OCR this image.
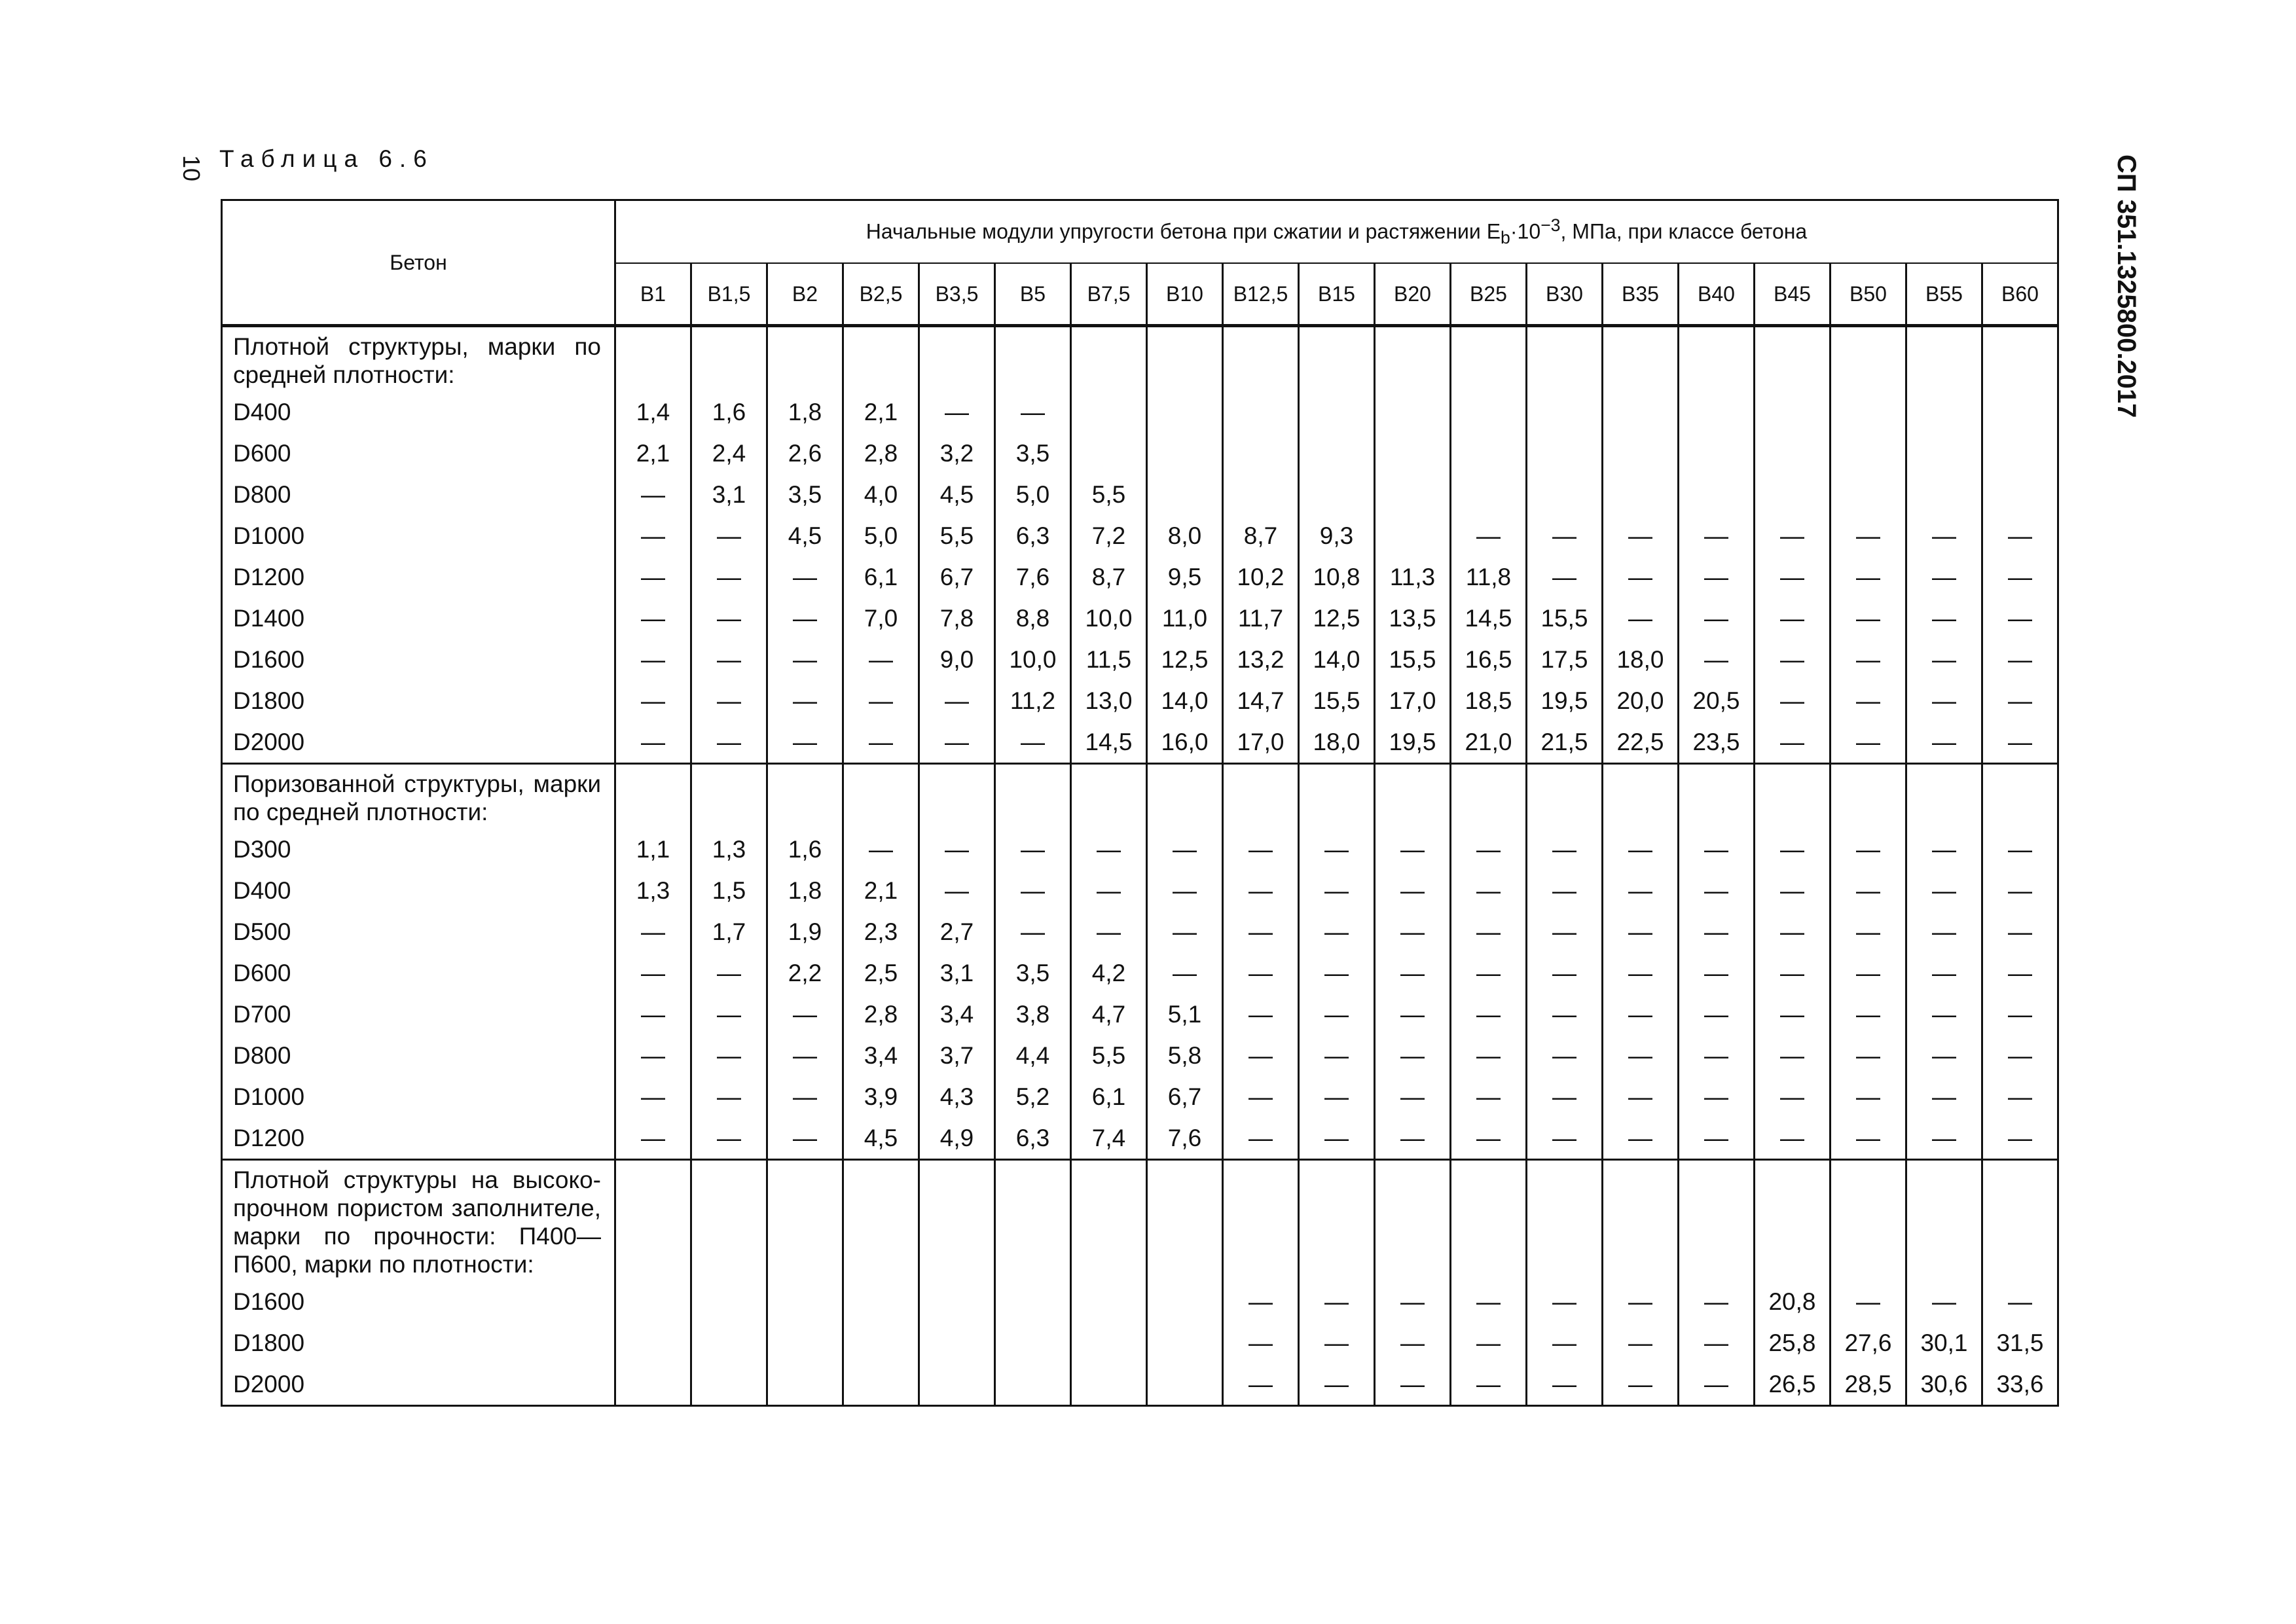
10 Таблица 6.6	СП 351.1325800.2017
Бетон	Начальные модули упругости бетона при сжатии и растяжении $E_b\cdot 10^{-3}$, МПа, при классе бетона																		
	B1	B1,5	B2	B2,5	B3,5	B5	B7,5	B10	B12,5	B15	B20	B25	B30	B35	B40	B45	B50	B55	B60

Плотной структуры, марки по средней плотности:																			
D400	1,4	1,6	1,8	2,1	—	—													
D600	2,1	2,4	2,6	2,8	3,2	3,5													
D800	—	3,1	3,5	4,0	4,5	5,0	5,5												
D1000	—	—	4,5	5,0	5,5	6,3	7,2	8,0	8,7	9,3		—	—	—	—	—	—	—	—
D1200	—	—	—	6,1	6,7	7,6	8,7	9,5	10,2	10,8	11,3	11,8	—	—	—	—	—	—	—
D1400	—	—	—	7,0	7,8	8,8	10,0	11,0	11,7	12,5	13,5	14,5	15,5	—	—	—	—	—	—
D1600	—	—	—	—	9,0	10,0	11,5	12,5	13,2	14,0	15,5	16,5	17,5	18,0	—	—	—	—	—
D1800	—	—	—	—	—	11,2	13,0	14,0	14,7	15,5	17,0	18,5	19,5	20,0	20,5	—	—	—	—
D2000	—	—	—	—	—	—	14,5	16,0	17,0	18,0	19,5	21,0	21,5	22,5	23,5	—	—	—	—
Поризованной структуры, марки по средней плотности:																			
D300	1,1	1,3	1,6	—	—	—	—	—	—	—	—	—	—	—	—	—	—	—	—
D400	1,3	1,5	1,8	2,1	—	—	—	—	—	—	—	—	—	—	—	—	—	—	—
D500	—	1,7	1,9	2,3	2,7	—	—	—	—	—	—	—	—	—	—	—	—	—	—
D600	—	—	2,2	2,5	3,1	3,5	4,2	—	—	—	—	—	—	—	—	—	—	—	—
D700	—	—	—	2,8	3,4	3,8	4,7	5,1	—	—	—	—	—	—	—	—	—	—	—
D800	—	—	—	3,4	3,7	4,4	5,5	5,8	—	—	—	—	—	—	—	—	—	—	—
D1000	—	—	—	3,9	4,3	5,2	6,1	6,7	—	—	—	—	—	—	—	—	—	—	—
D1200	—	—	—	4,5	4,9	6,3	7,4	7,6	—	—	—	—	—	—	—	—	—	—	—
Плотной структуры на высоко-прочном пористом заполнителе, марки по прочности: П400—П600, марки по плотности:																			
D1600									—	—	—	—	—	—	—	20,8	—	—	—
D1800									—	—	—	—	—	—	—	25,8	27,6	30,1	31,5
D2000									—	—	—	—	—	—	—	26,5	28,5	30,6	33,6
